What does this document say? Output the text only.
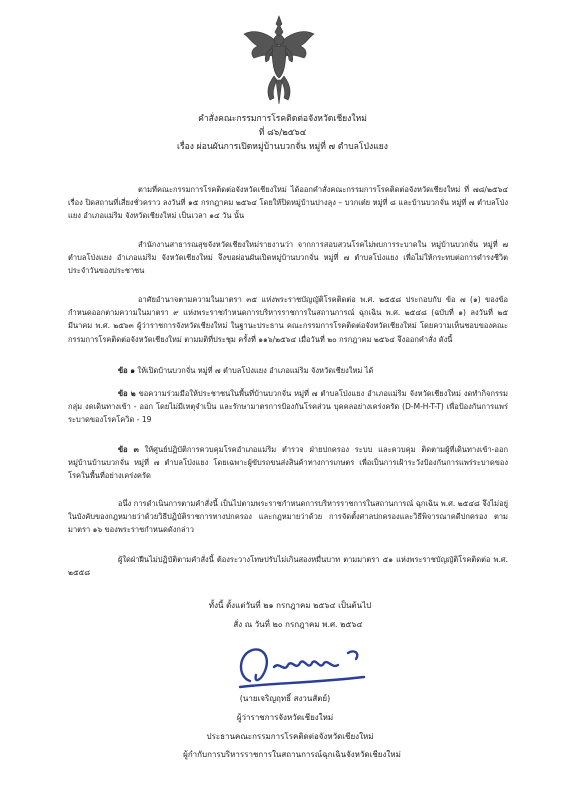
คำสั่งคณะกรรมการโรคติดต่อจังหวัดเชียงใหม่
ที่ ๘๖/๒๕๖๔
เรื่อง ผ่อนผันการเปิดหมู่บ้านบวกจั่น หมู่ที่ ๗ ตำบลโป่งแยง
ตามที่คณะกรรมการโรคติดต่อจังหวัดเชียงใหม่ ได้ออกคำสั่งคณะกรรมการโรคติดต่อจังหวัดเชียงใหม่ ที่ ๗๘/๒๕๖๔ เรื่อง ปิดสถานที่เสี่ยงชั่วคราว ลงวันที่ ๑๕ กรกฎาคม ๒๕๖๔ โดยให้ปิดหมู่บ้านปางลุง – บวกเต๋ย หมู่ที่ ๘ และบ้านบวกจั่น หมู่ที่ ๗ ตำบลโป่งแยง อำเภอแม่ริม จังหวัดเชียงใหม่ เป็นเวลา ๑๔ วัน นั้น
สำนักงานสาธารณสุขจังหวัดเชียงใหม่รายงานว่า จากการสอบสวนโรคไม่พบการระบาดใน หมู่บ้านบวกจั่น หมู่ที่ ๗ ตำบลโป่งแยง อำเภอแม่ริม จังหวัดเชียงใหม่ จึงขอผ่อนผันเปิดหมู่บ้านบวกจั่น หมู่ที่ ๗ ตำบลโป่งแยง เพื่อไม่ให้กระทบต่อการดำรงชีวิตประจำวันของประชาชน
อาศัยอำนาจตามความในมาตรา ๓๕ แห่งพระราชบัญญัติโรคติดต่อ พ.ศ. ๒๕๕๘ ประกอบกับ ข้อ ๗ (๑) ของข้อกำหนดออกตามความในมาตรา ๙ แห่งพระราชกำหนดการบริหารราชการในสถานการณ์ ฉุกเฉิน พ.ศ. ๒๕๔๘ (ฉบับที่ ๑) ลงวันที่ ๒๕ มีนาคม พ.ศ. ๒๕๖๓ ผู้ว่าราชการจังหวัดเชียงใหม่ ในฐานะประธาน คณะกรรมการโรคติดต่อจังหวัดเชียงใหม่ โดยความเห็นชอบของคณะกรรมการโรคติดต่อจังหวัดเชียงใหม่ ตามมติที่ประชุม ครั้งที่ ๑๑๖/๒๕๖๔ เมื่อวันที่ ๒๐ กรกฎาคม ๒๕๖๔ จึงออกคำสั่ง ดังนี้
ข้อ ๑ ให้เปิดบ้านบวกจั่น หมู่ที่ ๗ ตำบลโป่งแยง อำเภอแม่ริม จังหวัดเชียงใหม่ ได้
ข้อ ๒ ขอความร่วมมือให้ประชาชนในพื้นที่บ้านบวกจั่น หมู่ที่ ๗ ตำบลโป่งแยง อำเภอแม่ริม จังหวัดเชียงใหม่ งดทำกิจกรรมกลุ่ม งดเดินทางเข้า - ออก โดยไม่มีเหตุจำเป็น และรักษามาตรการป้องกันโรคส่วน บุคคลอย่างเคร่งครัด (D-M-H-T-T) เพื่อป้องกันการแพร่ระบาดของโรคโควิด - 19
ข้อ ๓ ให้ศูนย์ปฏิบัติการควบคุมโรคอำเภอแม่ริม ตำรวจ ฝ่ายปกครอง ระบบ และควบคุม ติดตามผู้ที่เดินทางเข้า-ออกหมู่บ้านบ้านบวกจั่น หมู่ที่ ๗ ตำบลโป่งแยง โดยเฉพาะผู้ขับรถขนส่งสินค้าทางการเกษตร เพื่อเป็นการเฝ้าระวังป้องกันการแพร่ระบาดของโรคในพื้นที่อย่างเคร่งครัด
อนึ่ง การดำเนินการตามคำสั่งนี้ เป็นไปตามพระราชกำหนดการบริหารราชการในสถานการณ์ ฉุกเฉิน พ.ศ. ๒๕๔๘ จึงไม่อยู่ในบังคับของกฎหมายว่าด้วยวิธีปฏิบัติราชการทางปกครอง และกฎหมายว่าด้วย การจัดตั้งศาลปกครองและวิธีพิจารณาคดีปกครอง ตามมาตรา ๑๖ ของพระราชกำหนดดังกล่าว
ผู้ใดฝ่าฝืนไม่ปฏิบัติตามคำสั่งนี้ ต้องระวางโทษปรับไม่เกินสองหมื่นบาท ตามมาตรา ๕๑ แห่งพระราชบัญญัติโรคติดต่อ พ.ศ. ๒๕๕๘
ทั้งนี้ ตั้งแต่วันที่ ๒๑ กรกฎาคม ๒๕๖๔ เป็นต้นไป
สั่ง ณ วันที่ ๒๐ กรกฎาคม พ.ศ. ๒๕๖๔
(นายเจริญฤทธิ์ สงวนสัตย์)
ผู้ว่าราชการจังหวัดเชียงใหม่
ประธานคณะกรรมการโรคติดต่อจังหวัดเชียงใหม่
ผู้กำกับการบริหารราชการในสถานการณ์ฉุกเฉินจังหวัดเชียงใหม่
